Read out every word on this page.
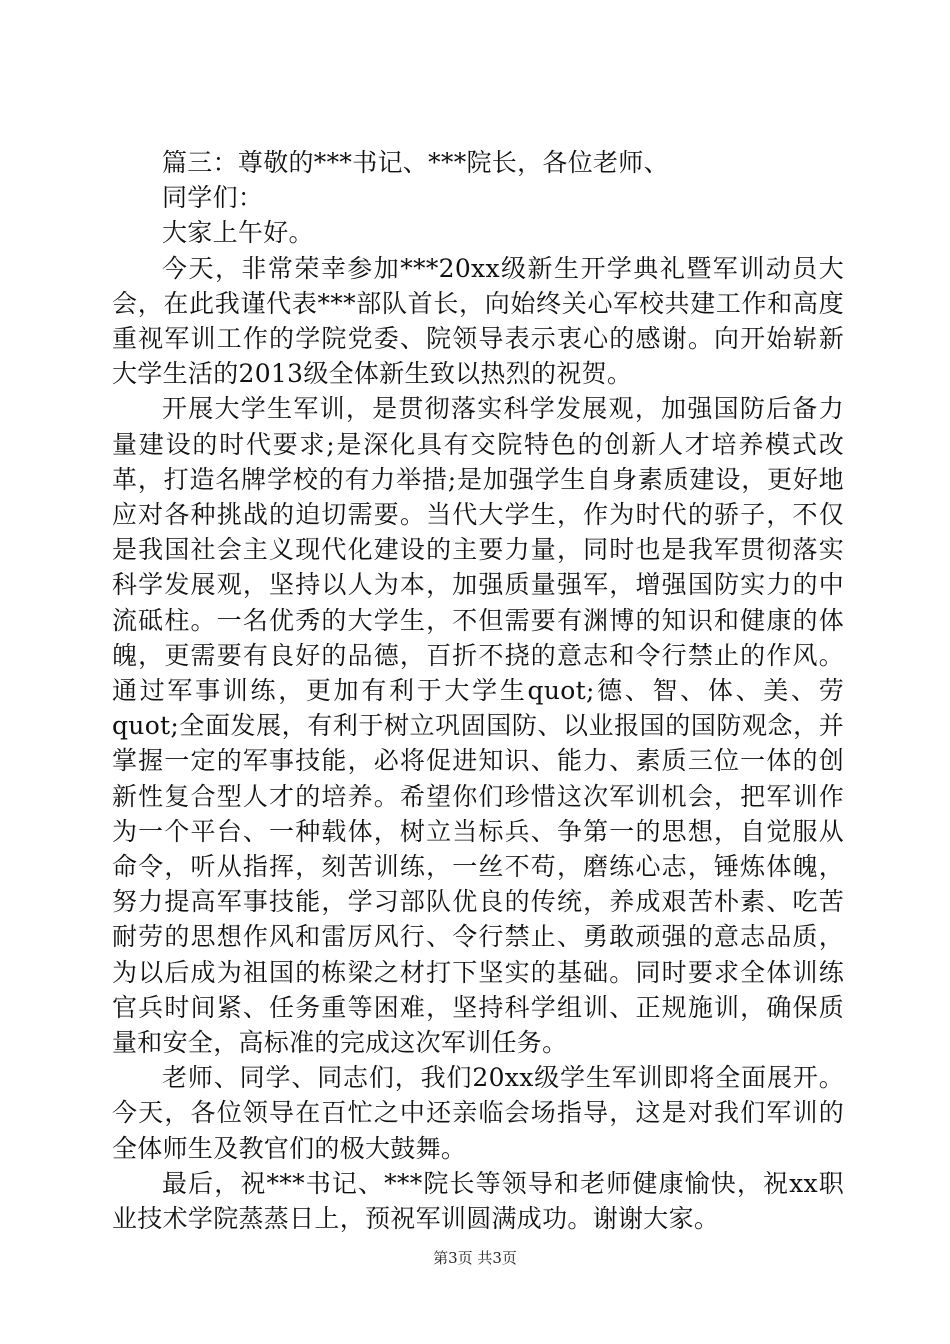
篇三：尊敬的***书记、***院长，各位老师、

同学们：

大家上午好。

今天，非常荣幸参加***20xx级新生开学典礼暨军训动员大会，在此我谨代表***部队首长，向始终关心军校共建工作和高度重视军训工作的学院党委、院领导表示衷心的感谢。向开始崭新大学生活的2013级全体新生致以热烈的祝贺。

开展大学生军训，是贯彻落实科学发展观，加强国防后备力量建设的时代要求;是深化具有交院特色的创新人才培养模式改革，打造名牌学校的有力举措;是加强学生自身素质建设，更好地应对各种挑战的迫切需要。当代大学生，作为时代的骄子，不仅是我国社会主义现代化建设的主要力量，同时也是我军贯彻落实科学发展观，坚持以人为本，加强质量强军，增强国防实力的中流砥柱。一名优秀的大学生，不但需要有渊博的知识和健康的体魄，更需要有良好的品德，百折不挠的意志和令行禁止的作风。通过军事训练，更加有利于大学生quot;德、智、体、美、劳quot;全面发展，有利于树立巩固国防、以业报国的国防观念，并掌握一定的军事技能，必将促进知识、能力、素质三位一体的创新性复合型人才的培养。希望你们珍惜这次军训机会，把军训作为一个平台、一种载体，树立当标兵、争第一的思想，自觉服从命令，听从指挥，刻苦训练，一丝不苟，磨练心志，锤炼体魄，努力提高军事技能，学习部队优良的传统，养成艰苦朴素、吃苦耐劳的思想作风和雷厉风行、令行禁止、勇敢顽强的意志品质，为以后成为祖国的栋梁之材打下坚实的基础。同时要求全体训练官兵时间紧、任务重等困难，坚持科学组训、正规施训，确保质量和安全，高标准的完成这次军训任务。

老师、同学、同志们，我们20xx级学生军训即将全面展开。今天，各位领导在百忙之中还亲临会场指导，这是对我们军训的全体师生及教官们的极大鼓舞。

最后，祝***书记、***院长等领导和老师健康愉快，祝xx职业技术学院蒸蒸日上，预祝军训圆满成功。谢谢大家。

第3页 共3页
